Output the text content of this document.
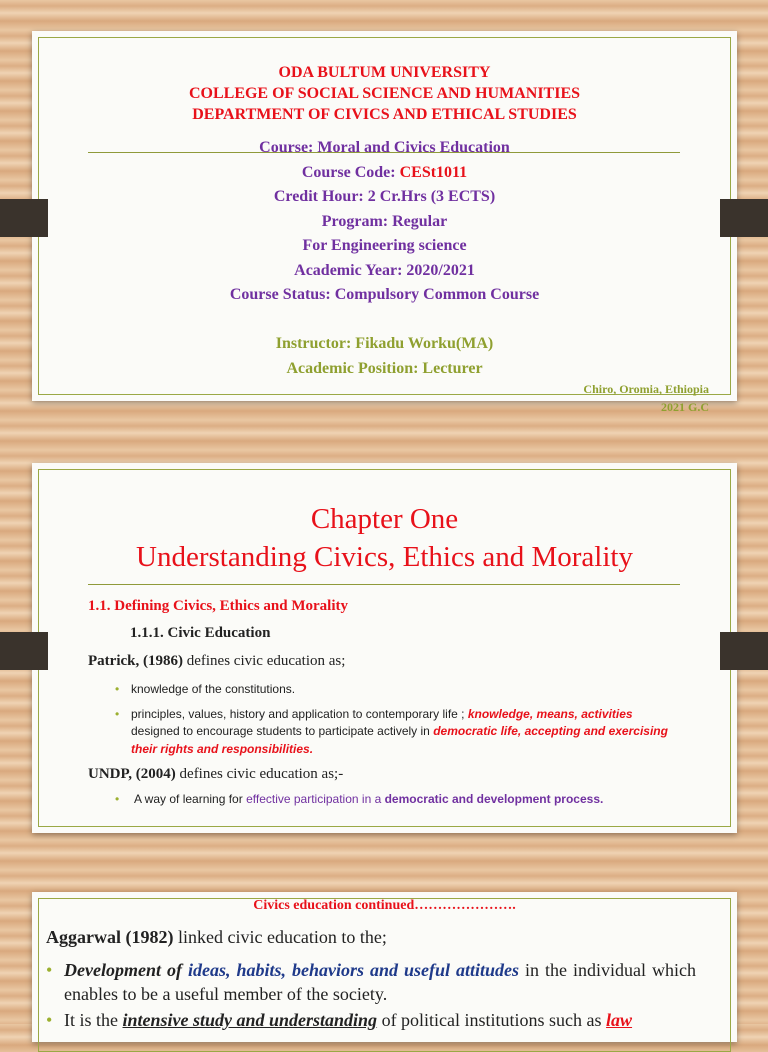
ODA BULTUM UNIVERSITY
COLLEGE OF SOCIAL SCIENCE AND HUMANITIES
DEPARTMENT OF CIVICS AND ETHICAL STUDIES
Course: Moral and Civics Education
Course Code: CESt1011
Credit Hour: 2 Cr.Hrs (3 ECTS)
Program: Regular
For Engineering science
Academic Year: 2020/2021
Course Status: Compulsory Common Course
Instructor: Fikadu Worku(MA)
Academic Position: Lecturer
Chiro, Oromia, Ethiopia
2021 G.C
Chapter One
Understanding Civics, Ethics and Morality
1.1. Defining Civics, Ethics and Morality
1.1.1. Civic Education
Patrick, (1986) defines civic education as;
• knowledge of the constitutions.
• principles, values, history and application to contemporary life ; knowledge, means, activities designed to encourage students to participate actively in democratic life, accepting and exercising their rights and responsibilities.
UNDP, (2004) defines civic education as;-
• A way of learning for effective participation in a democratic and development process.
Civics education continued………………….
Aggarwal (1982) linked civic education to the;
• Development of ideas, habits, behaviors and useful attitudes in the individual which enables to be a useful member of the society.
• It is the intensive study and understanding of political institutions such as law
